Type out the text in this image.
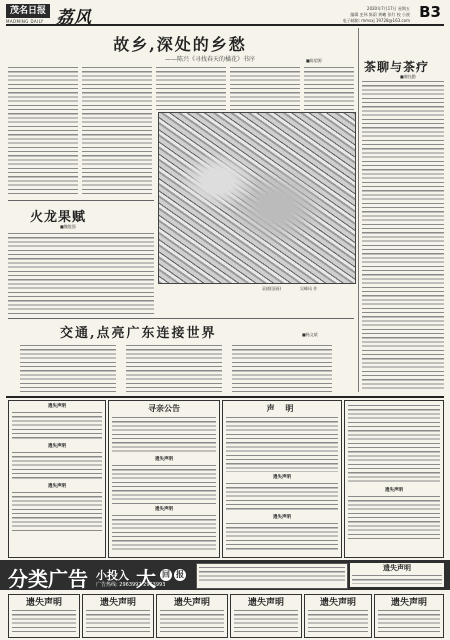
茂名日报
MAOMING DAILY 荔风	2020年7月17日 星期五
编辑 史伟 陈蔚 黄曦 张红 校 小波
电子邮箱: mmsxj 19728@163.com B3
故乡,深处的乡愁
——陈兴《寻找春天的橘花》书序	■陈望源
袁剧(国画)	吴峰风 作
茶聊与茶疗
■谢钰勤
火龙果赋
■魏俊强
交通,点亮广东连接世界	■杨文斌
遗失声明
遗失声明
遗失声明
寻亲公告
遗失声明
遗失声明
声 明
遗失声明
遗失声明
遗失声明
分类广告 小投入 大 回 报
广告热线: 2963992 2963993
遗失声明
遗失声明	遗失声明	遗失声明	遗失声明	遗失声明	遗失声明
